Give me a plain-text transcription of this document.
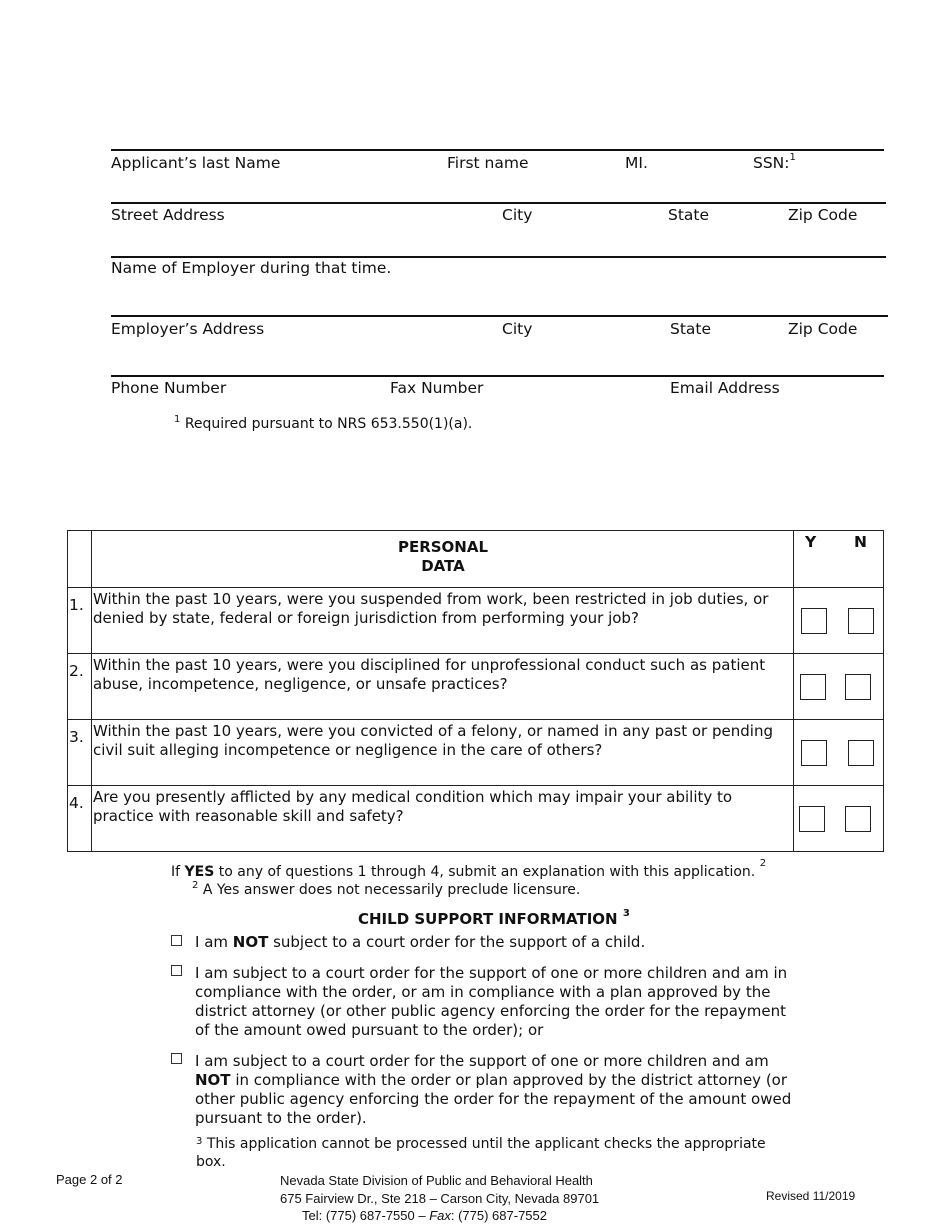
Applicant’s last Name	First name	MI.	SSN:$^1$
Street Address	City	State	Zip Code
Name of Employer during that time.
Employer’s Address	City	State	Zip Code
Phone Number	Fax Number	Email Address
$^1$ Required pursuant to NRS 653.550(1)(a).
PERSONAL
DATA
Y N
1. Within the past 10 years, were you suspended from work, been restricted in job duties, or denied by state, federal or foreign jurisdiction from performing your job?
2. Within the past 10 years, were you disciplined for unprofessional conduct such as patient abuse, incompetence, negligence, or unsafe practices?
3. Within the past 10 years, were you convicted of a felony, or named in any past or pending civil suit alleging incompetence or negligence in the care of others?
4. Are you presently afflicted by any medical condition which may impair your ability to practice with reasonable skill and safety?
If YES to any of questions 1 through 4, submit an explanation with this application. $^2$
$^2$ A Yes answer does not necessarily preclude licensure.
CHILD SUPPORT INFORMATION $^3$
I am NOT subject to a court order for the support of a child.
I am subject to a court order for the support of one or more children and am in compliance with the order, or am in compliance with a plan approved by the district attorney (or other public agency enforcing the order for the repayment of the amount owed pursuant to the order); or
I am subject to a court order for the support of one or more children and am NOT in compliance with the order or plan approved by the district attorney (or other public agency enforcing the order for the repayment of the amount owed pursuant to the order).
$^3$ This application cannot be processed until the applicant checks the appropriate box.
Page 2 of 2	Nevada State Division of Public and Behavioral Health
675 Fairview Dr., Ste 218 – Carson City, Nevada 89701
Tel: (775) 687-7550 – Fax: (775) 687-7552
Revised 11/2019
